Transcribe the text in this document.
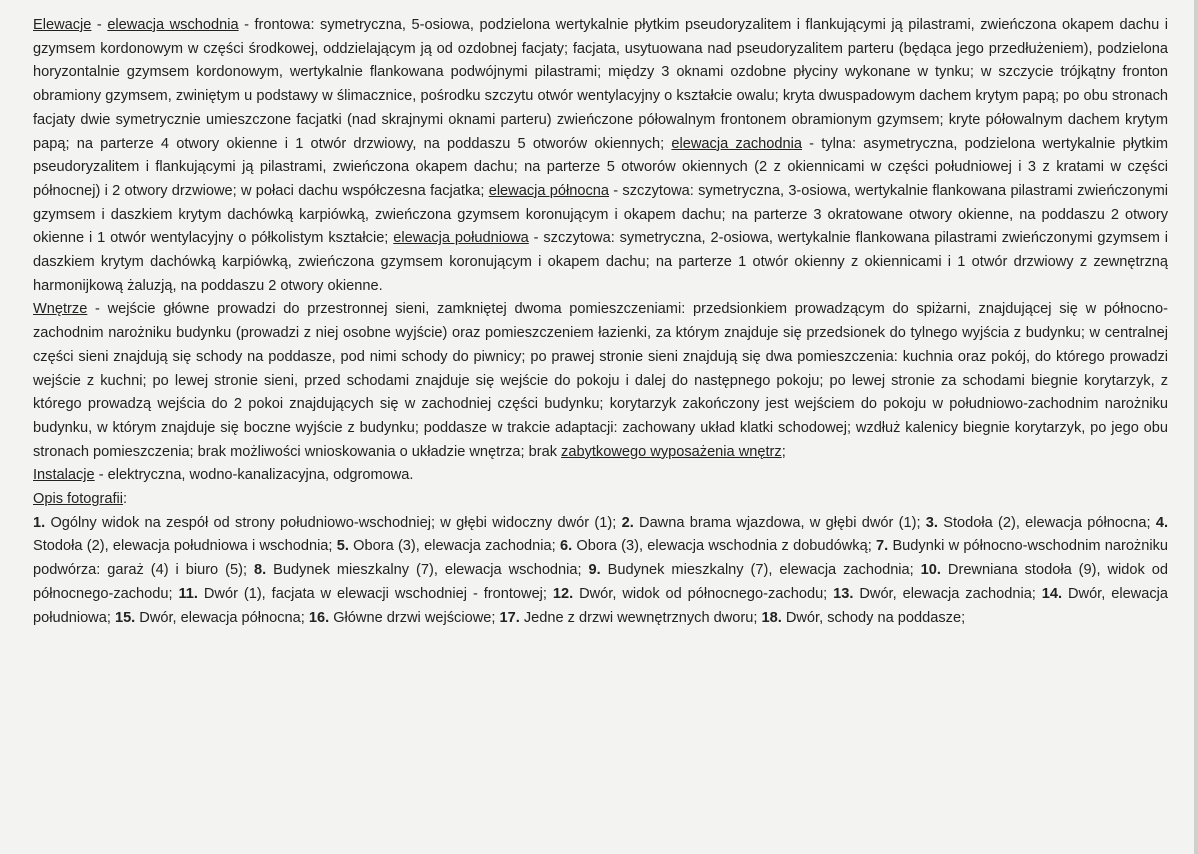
Elewacje - elewacja wschodnia - frontowa: symetryczna, 5-osiowa, podzielona wertykalnie płytkim pseudoryzalitem i flankującymi ją pilastrami, zwieńczona okapem dachu i gzymsem kordonowym w części środkowej, oddzielającym ją od ozdobnej facjaty; facjata, usytuowana nad pseudoryzalitem parteru (będąca jego przedłużeniem), podzielona horyzontalnie gzymsem kordonowym, wertykalnie flankowana podwójnymi pilastrami; między 3 oknami ozdobne płyciny wykonane w tynku; w szczycie trójkątny fronton obramiony gzymsem, zwiniętym u podstawy w ślimacznice, pośrodku szczytu otwór wentylacyjny o kształcie owalu; kryta dwuspadowym dachem krytym papą; po obu stronach facjaty dwie symetrycznie umieszczone facjatki (nad skrajnymi oknami parteru) zwieńczone półowalnym frontonem obramionym gzymsem; kryte półowalnym dachem krytym papą; na parterze 4 otwory okienne i 1 otwór drzwiowy, na poddaszu 5 otworów okiennych; elewacja zachodnia - tylna: asymetryczna, podzielona wertykalnie płytkim pseudoryzalitem i flankującymi ją pilastrami, zwieńczona okapem dachu; na parterze 5 otworów okiennych (2 z okiennicami w części południowej i 3 z kratami w części północnej) i 2 otwory drzwiowe; w połaci dachu współczesna facjatka; elewacja północna - szczytowa: symetryczna, 3-osiowa, wertykalnie flankowana pilastrami zwieńczonymi gzymsem i daszkiem krytym dachówką karpiówką, zwieńczona gzymsem koronującym i okapem dachu; na parterze 3 okratowane otwory okienne, na poddaszu 2 otwory okienne i 1 otwór wentylacyjny o półkolistym kształcie; elewacja południowa - szczytowa: symetryczna, 2-osiowa, wertykalnie flankowana pilastrami zwieńczonymi gzymsem i daszkiem krytym dachówką karpiówką, zwieńczona gzymsem koronującym i okapem dachu; na parterze 1 otwór okienny z okiennicami i 1 otwór drzwiowy z zewnętrzną harmonijkową żaluzją, na poddaszu 2 otwory okienne.

Wnętrze - wejście główne prowadzi do przestronnej sieni, zamkniętej dwoma pomieszczeniami: przedsionkiem prowadzącym do spiżarni, znajdującej się w północno-zachodnim narożniku budynku (prowadzi z niej osobne wyjście) oraz pomieszczeniem łazienki, za którym znajduje się przedsionek do tylnego wyjścia z budynku; w centralnej części sieni znajdują się schody na poddasze, pod nimi schody do piwnicy; po prawej stronie sieni znajdują się dwa pomieszczenia: kuchnia oraz pokój, do którego prowadzi wejście z kuchni; po lewej stronie sieni, przed schodami znajduje się wejście do pokoju i dalej do następnego pokoju; po lewej stronie za schodami biegnie korytarzyk, z którego prowadzą wejścia do 2 pokoi znajdujących się w zachodniej części budynku; korytarzyk zakończony jest wejściem do pokoju w południowo-zachodnim narożniku budynku, w którym znajduje się boczne wyjście z budynku; poddasze w trakcie adaptacji: zachowany układ klatki schodowej; wzdłuż kalenicy biegnie korytarzyk, po jego obu stronach pomieszczenia; brak możliwości wnioskowania o układzie wnętrza; brak zabytkowego wyposażenia wnętrz;

Instalacje - elektryczna, wodno-kanalizacyjna, odgromowa.

Opis fotografii:

1. Ogólny widok na zespół od strony południowo-wschodniej; w głębi widoczny dwór (1); 2. Dawna brama wjazdowa, w głębi dwór (1); 3. Stodoła (2), elewacja północna; 4. Stodoła (2), elewacja południowa i wschodnia; 5. Obora (3), elewacja zachodnia; 6. Obora (3), elewacja wschodnia z dobudówką; 7. Budynki w północno-wschodnim narożniku podwórza: garaż (4) i biuro (5); 8. Budynek mieszkalny (7), elewacja wschodnia; 9. Budynek mieszkalny (7), elewacja zachodnia; 10. Drewniana stodoła (9), widok od północnego-zachodu; 11. Dwór (1), facjata w elewacji wschodniej - frontowej; 12. Dwór, widok od północnego-zachodu; 13. Dwór, elewacja zachodnia; 14. Dwór, elewacja południowa; 15. Dwór, elewacja północna; 16. Główne drzwi wejściowe; 17. Jedne z drzwi wewnętrznych dworu; 18. Dwór, schody na poddasze;
